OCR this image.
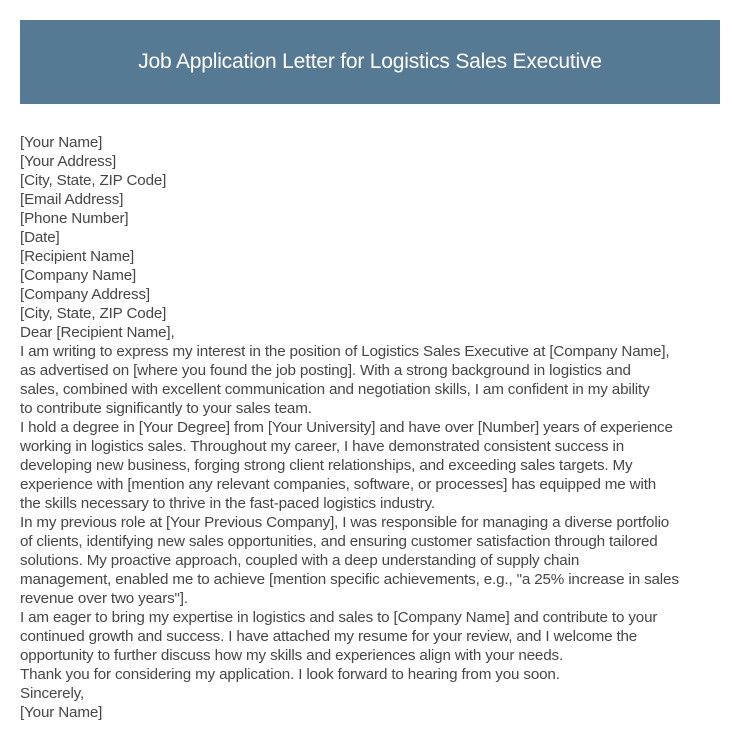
Job Application Letter for Logistics Sales Executive
[Your Name]
[Your Address]
[City, State, ZIP Code]
[Email Address]
[Phone Number]
[Date]
[Recipient Name]
[Company Name]
[Company Address]
[City, State, ZIP Code]
Dear [Recipient Name],
I am writing to express my interest in the position of Logistics Sales Executive at [Company Name],
as advertised on [where you found the job posting]. With a strong background in logistics and
sales, combined with excellent communication and negotiation skills, I am confident in my ability
to contribute significantly to your sales team.
I hold a degree in [Your Degree] from [Your University] and have over [Number] years of experience
working in logistics sales. Throughout my career, I have demonstrated consistent success in
developing new business, forging strong client relationships, and exceeding sales targets. My
experience with [mention any relevant companies, software, or processes] has equipped me with
the skills necessary to thrive in the fast-paced logistics industry.
In my previous role at [Your Previous Company], I was responsible for managing a diverse portfolio
of clients, identifying new sales opportunities, and ensuring customer satisfaction through tailored
solutions. My proactive approach, coupled with a deep understanding of supply chain
management, enabled me to achieve [mention specific achievements, e.g., "a 25% increase in sales
revenue over two years"].
I am eager to bring my expertise in logistics and sales to [Company Name] and contribute to your
continued growth and success. I have attached my resume for your review, and I welcome the
opportunity to further discuss how my skills and experiences align with your needs.
Thank you for considering my application. I look forward to hearing from you soon.
Sincerely,
[Your Name]
